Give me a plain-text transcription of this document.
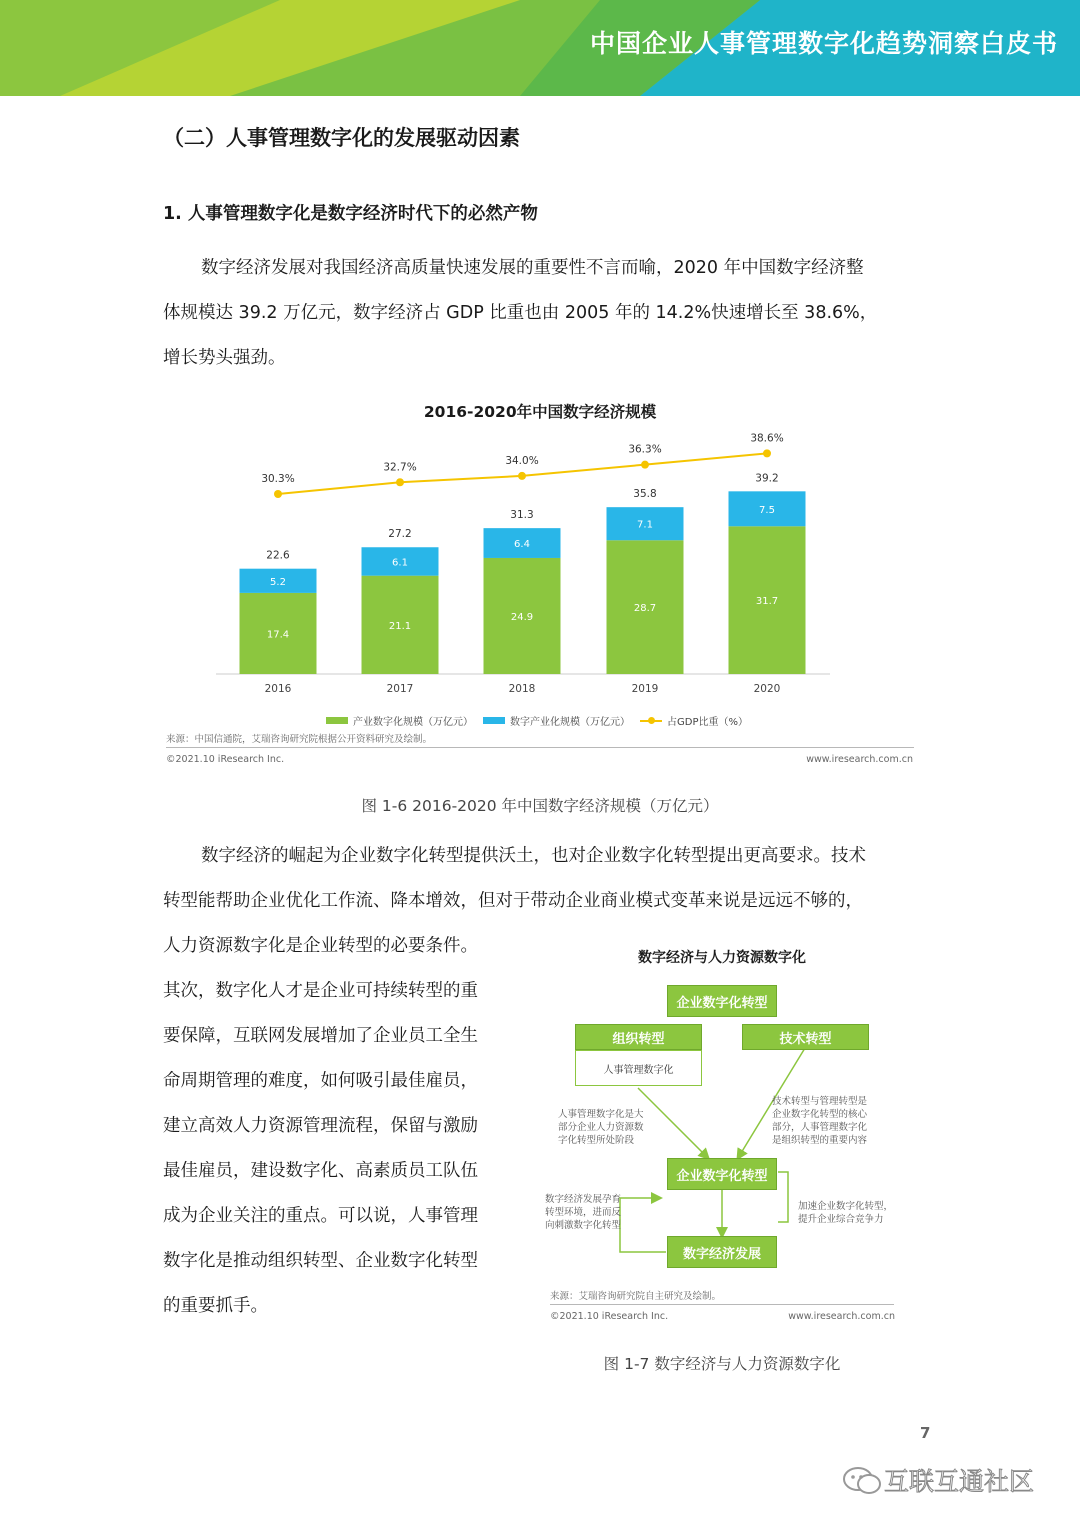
中国企业人事管理数字化趋势洞察白皮书
（二）人事管理数字化的发展驱动因素
1. 人事管理数字化是数字经济时代下的必然产物
数字经济发展对我国经济高质量快速发展的重要性不言而喻，2020 年中国数字经济整
体规模达 39.2 万亿元，数字经济占 GDP 比重也由 2005 年的 14.2%快速增长至 38.6%，
增长势头强劲。
2016-2020年中国数字经济规模
17.4
5.2
22.6
2016
21.1
6.1
27.2
2017
24.9
6.4
31.3
2018
28.7
7.1
35.8
2019
31.7
7.5
39.2
2020
30.3%
32.7%
34.0%
36.3%
38.6%
产业数字化规模（万亿元）	数字产业化规模（万亿元）	占GDP比重（%）
来源：中国信通院，艾瑞咨询研究院根据公开资料研究及绘制。
©2021.10 iResearch Inc.	www.iresearch.com.cn
图 1-6 2016-2020 年中国数字经济规模（万亿元）
数字经济的崛起为企业数字化转型提供沃土，也对企业数字化转型提出更高要求。技术
转型能帮助企业优化工作流、降本增效，但对于带动企业商业模式变革来说是远远不够的，
人力资源数字化是企业转型的必要条件。
其次，数字化人才是企业可持续转型的重
要保障，互联网发展增加了企业员工全生
命周期管理的难度，如何吸引最佳雇员，
建立高效人力资源管理流程，保留与激励
最佳雇员，建设数字化、高素质员工队伍
成为企业关注的重点。可以说，人事管理
数字化是推动组织转型、企业数字化转型
的重要抓手。
数字经济与人力资源数字化
企业数字化转型
组织转型	技术转型
人事管理数字化
人事管理数字化是大
部分企业人力资源数
字化转型所处阶段
技术转型与管理转型是
企业数字化转型的核心
部分，人事管理数字化
是组织转型的重要内容
企业数字化转型
数字经济发展孕育
转型环境，进而反
向刺激数字化转型
加速企业数字化转型，
提升企业综合竞争力
数字经济发展
来源：艾瑞咨询研究院自主研究及绘制。
©2021.10 iResearch Inc.	www.iresearch.com.cn
图 1-7 数字经济与人力资源数字化
7
互联互通社区
